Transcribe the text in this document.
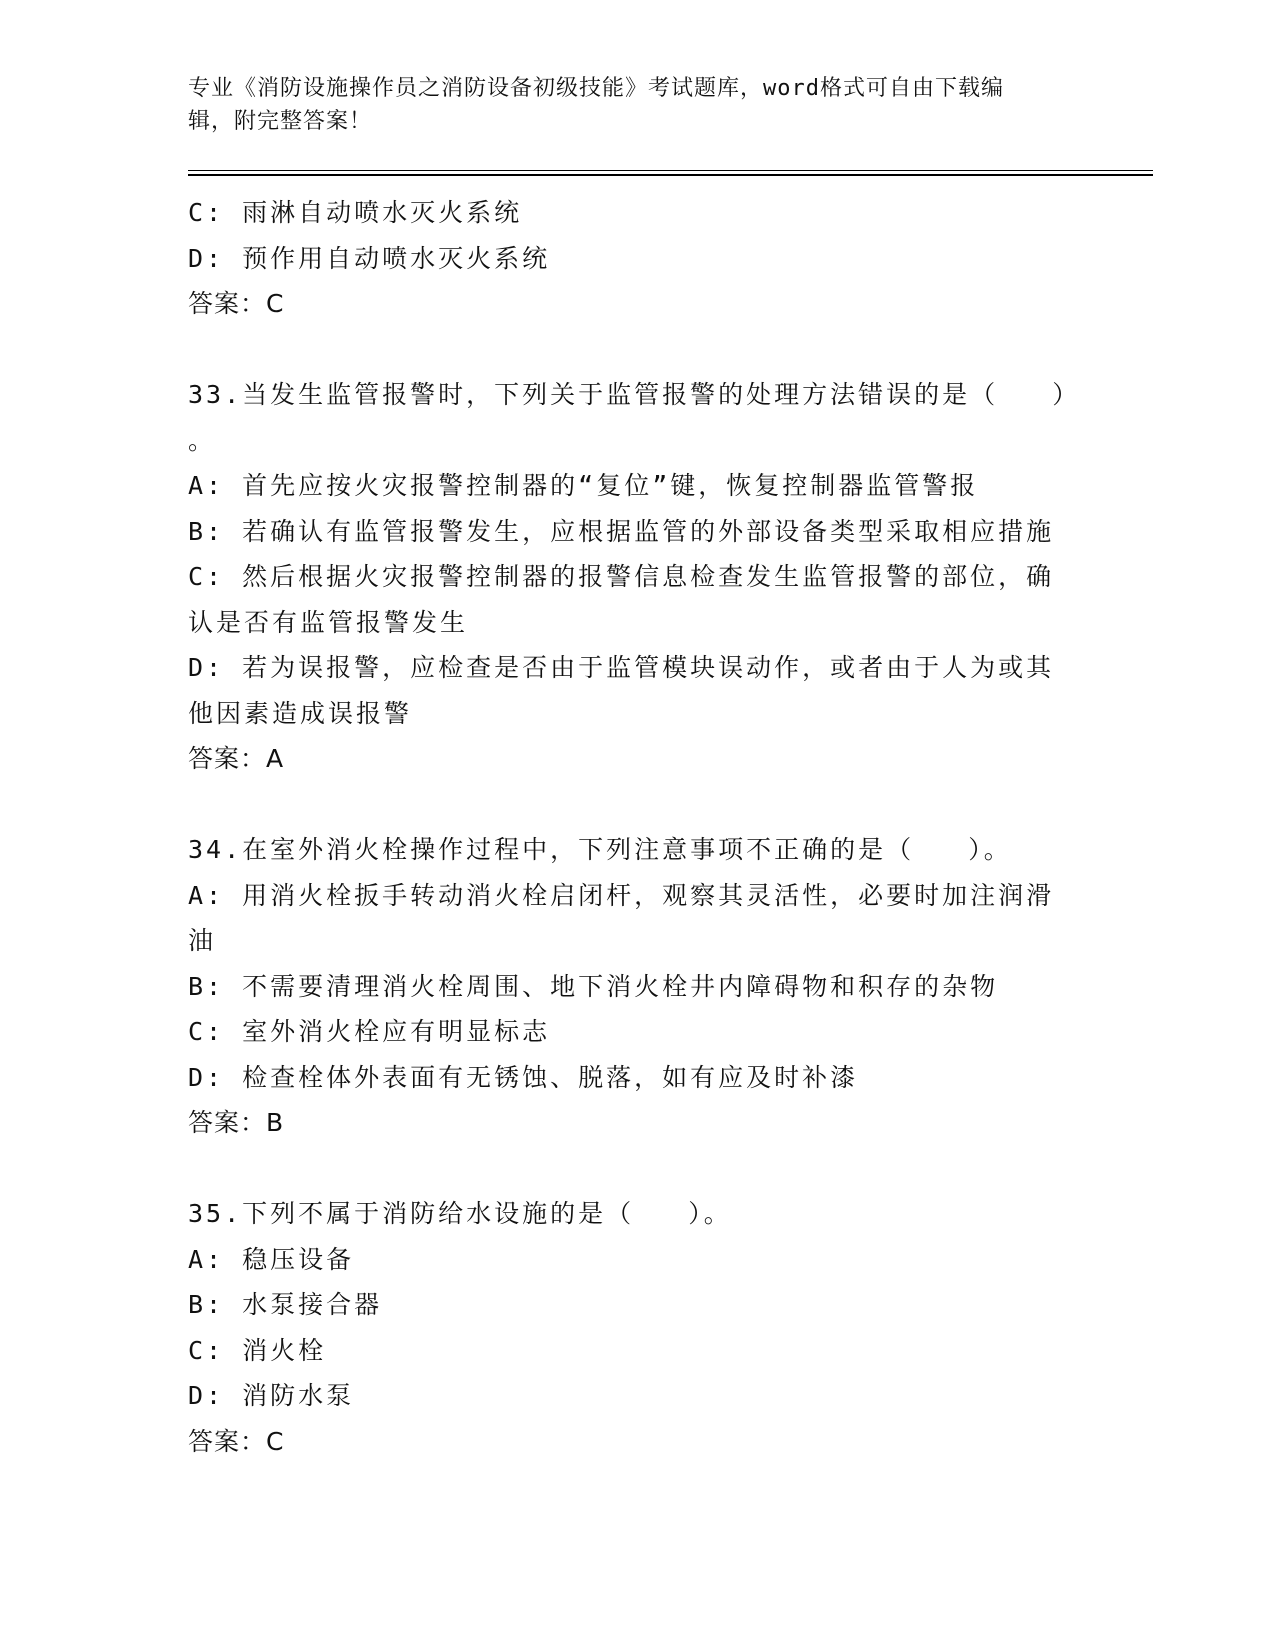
专业《消防设施操作员之消防设备初级技能》考试题库，word格式可自由下载编
辑，附完整答案！
C: 雨淋自动喷水灭火系统
D: 预作用自动喷水灭火系统
答案：C
33.当发生监管报警时，下列关于监管报警的处理方法错误的是（   ）
。
A: 首先应按火灾报警控制器的“复位”键，恢复控制器监管警报
B: 若确认有监管报警发生，应根据监管的外部设备类型采取相应措施
C: 然后根据火灾报警控制器的报警信息检查发生监管报警的部位，确
认是否有监管报警发生
D: 若为误报警，应检查是否由于监管模块误动作，或者由于人为或其
他因素造成误报警
答案：A
34.在室外消火栓操作过程中，下列注意事项不正确的是（   ）。
A: 用消火栓扳手转动消火栓启闭杆，观察其灵活性，必要时加注润滑
油
B: 不需要清理消火栓周围、地下消火栓井内障碍物和积存的杂物
C: 室外消火栓应有明显标志
D: 检查栓体外表面有无锈蚀、脱落，如有应及时补漆
答案：B
35.下列不属于消防给水设施的是（   ）。
A: 稳压设备
B: 水泵接合器
C: 消火栓
D: 消防水泵
答案：C
